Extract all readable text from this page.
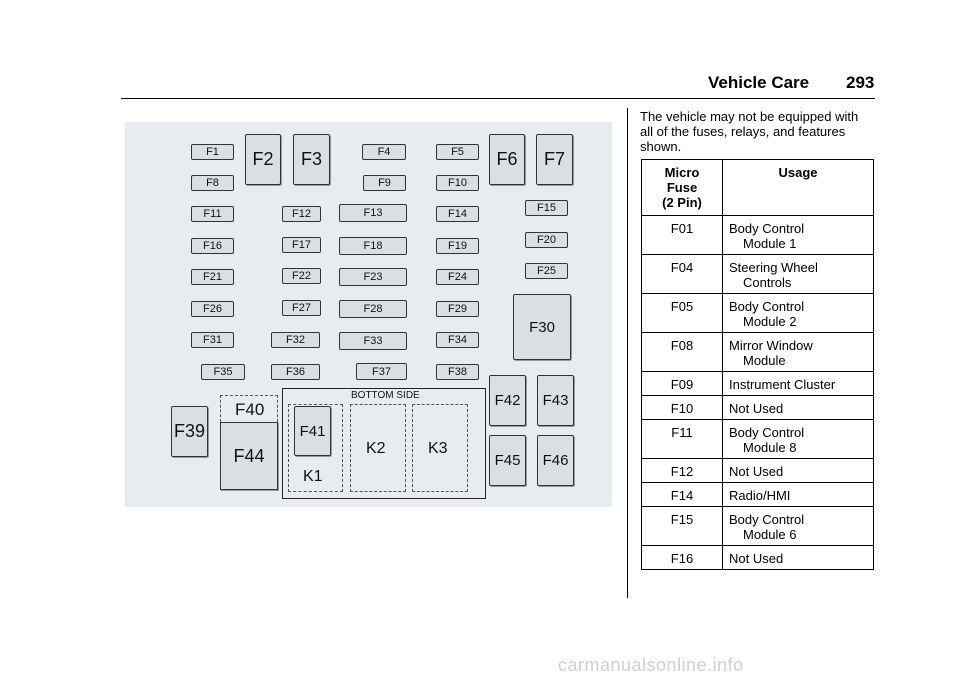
Vehicle Care 293
F1	F2	F3	F4	F5	F6	F7
F8	F9	F10
F11	F12	F13	F14	F15
F16	F17	F18	F19	F20
F21	F22	F23	F24	F25
F26	F27	F28	F29
F30
F31	F32	F33	F34
F35	F36	F37	F38
F39
F40
F44
BOTTOM SIDE
F41
K1
K2	K3
F42	F43
F45	F46
The vehicle may not be equipped with all of the fuses, relays, and features shown.
Micro
Fuse
(2 Pin)	Usage
F01	Body Control
Module 1

F04	Steering Wheel
Controls

F05	Body Control
Module 2

F08	Mirror Window
Module

F09	Instrument Cluster

F10	Not Used

F11	Body Control
Module 8

F12	Not Used

F14	Radio/HMI

F15	Body Control
Module 6

F16	Not Used
carmanualsonline.info
